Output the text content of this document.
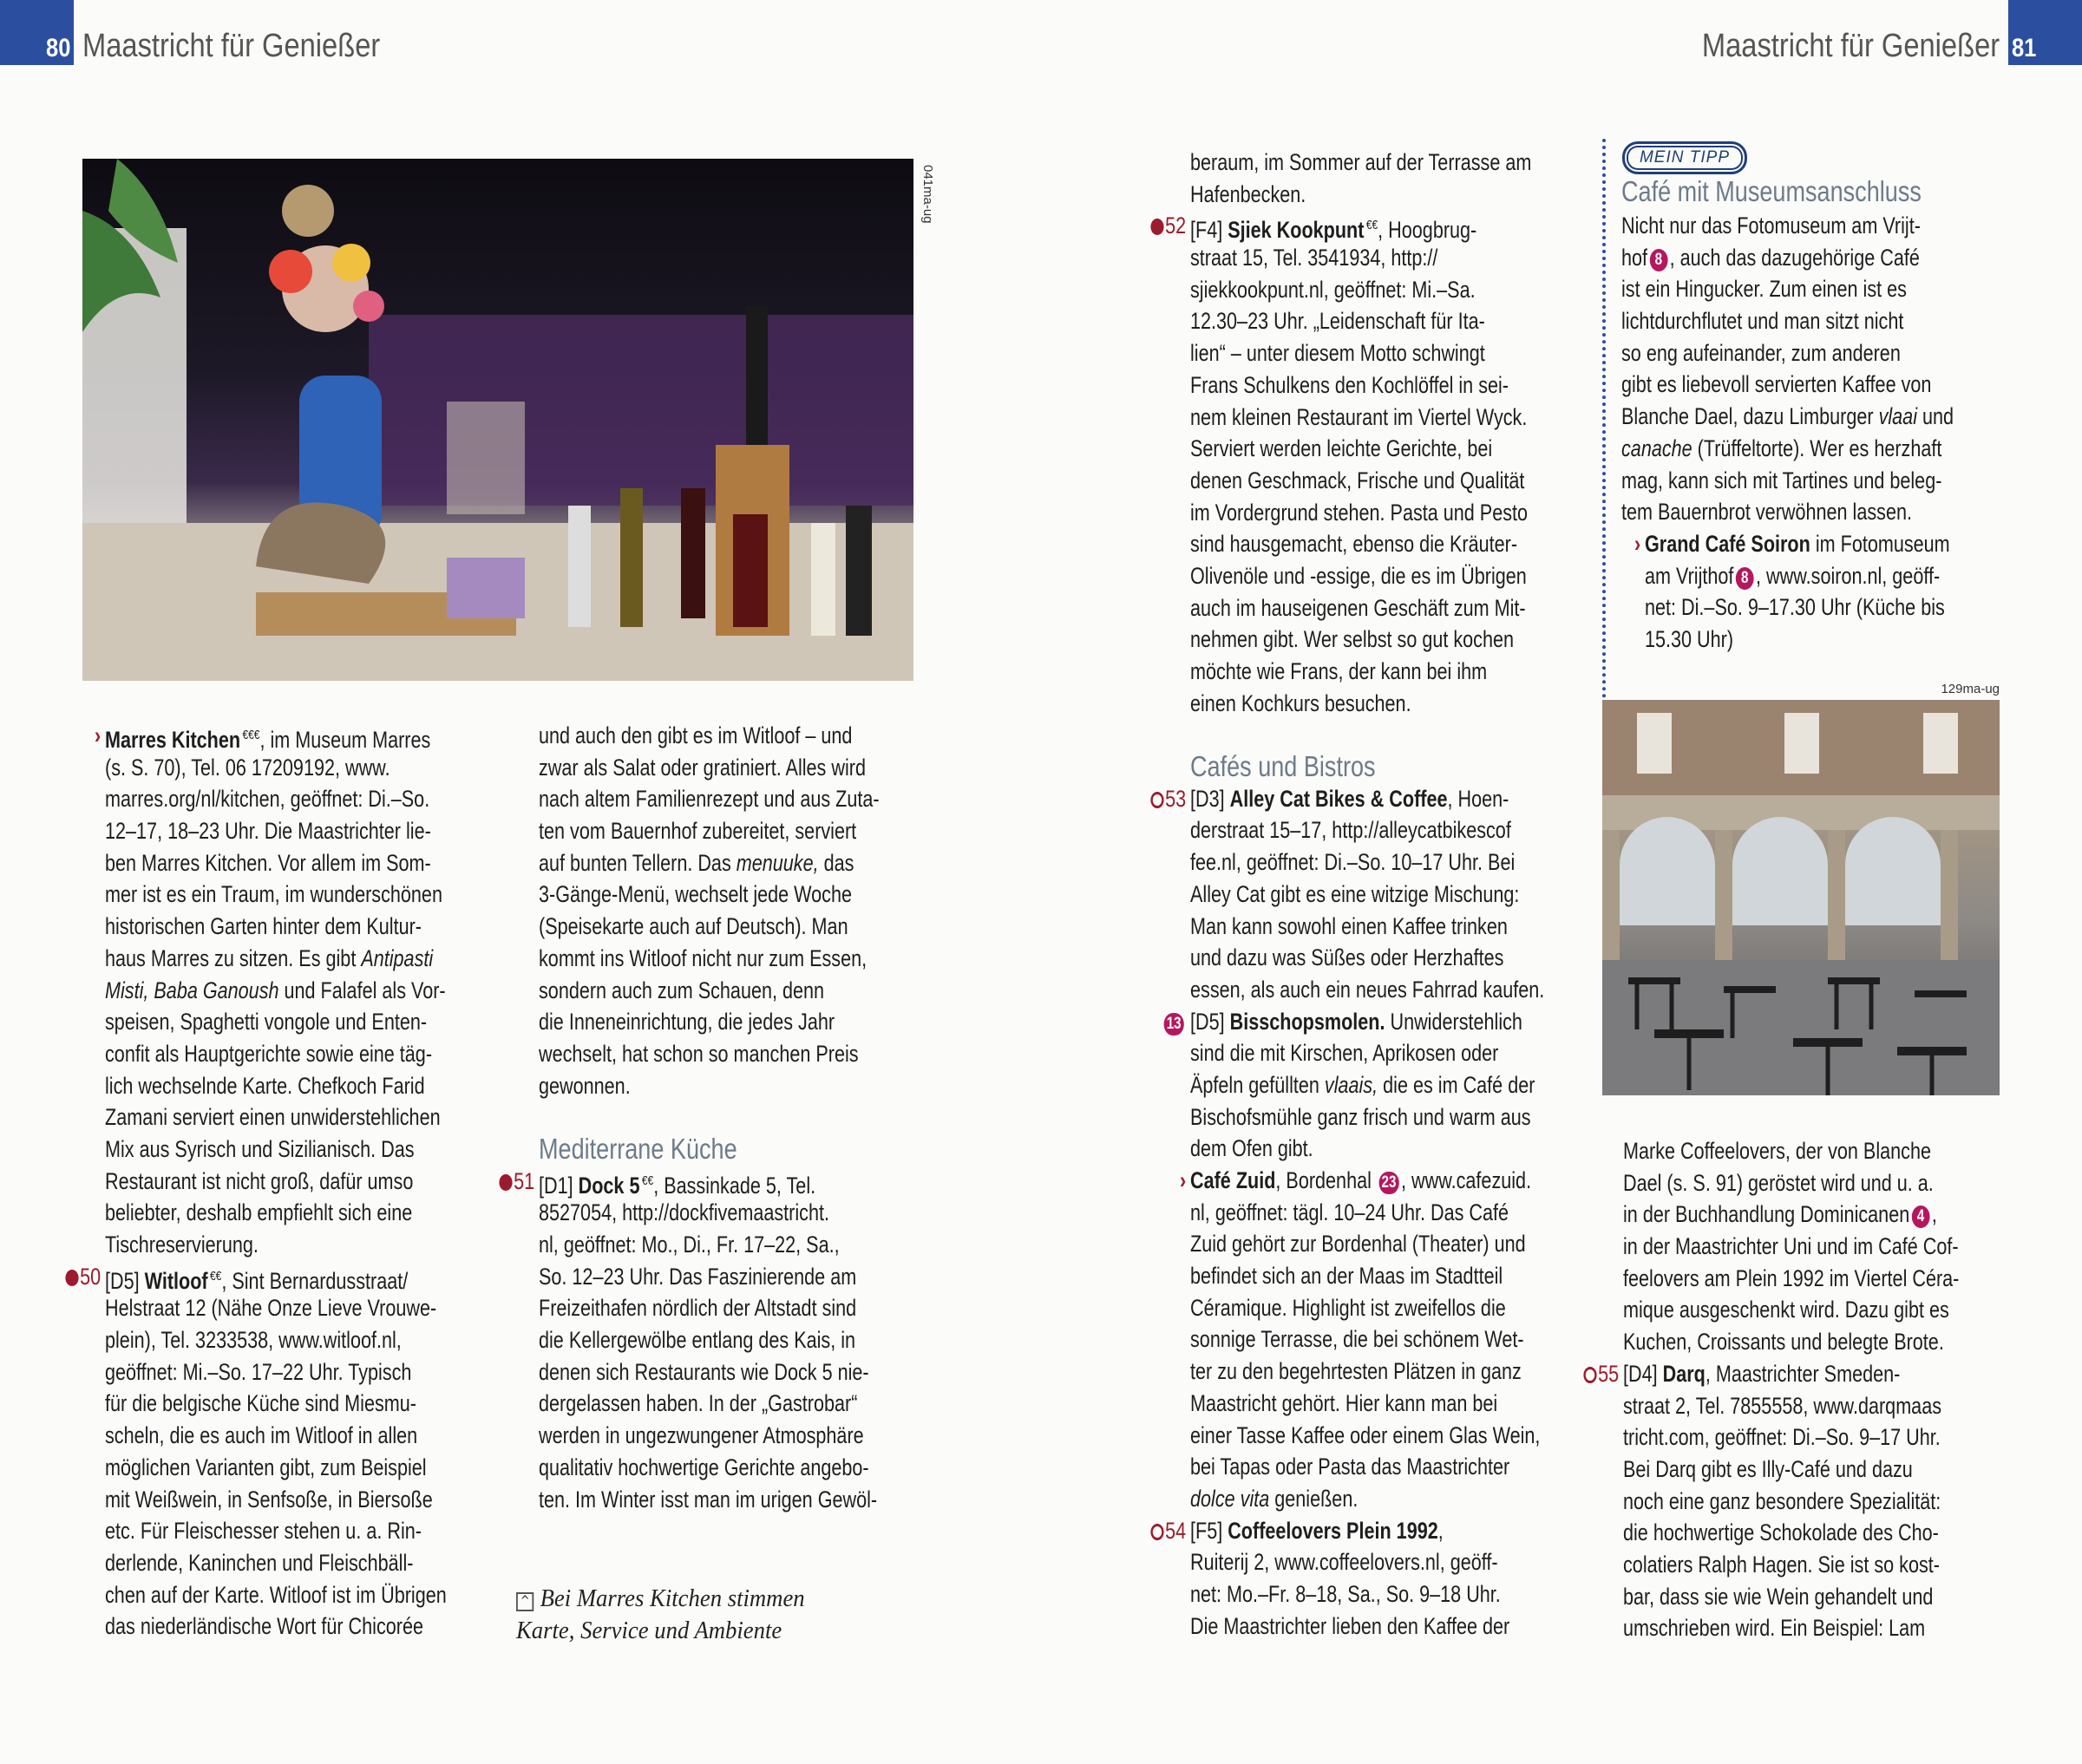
80 Maastricht für Genießer	Maastricht für Genießer 81
041ma-ug
^ Bei Marres Kitchen stimmen
Karte, Service und Ambiente
MEIN TIPP
Café mit Museumsanschluss
129ma-ug
› Marres Kitchen €€€, im Museum Marres
(s. S. 70), Tel. 06 17209192, www.
marres.org/nl/kitchen, geöffnet: Di.–So.
12–17, 18–23 Uhr. Die Maastrichter lie-
ben Marres Kitchen. Vor allem im Som-
mer ist es ein Traum, im wunderschönen
historischen Garten hinter dem Kultur-
haus Marres zu sitzen. Es gibt Antipasti
Misti, Baba Ganoush und Falafel als Vor-
speisen, Spaghetti vongole und Enten-
confit als Hauptgerichte sowie eine täg-
lich wechselnde Karte. Chefkoch Farid
Zamani serviert einen unwiderstehlichen
Mix aus Syrisch und Sizilianisch. Das
Restaurant ist nicht groß, dafür umso
beliebter, deshalb empfiehlt sich eine
Tischreservierung.
50 [D5] Witloof €€, Sint Bernardusstraat/
Helstraat 12 (Nähe Onze Lieve Vrouwe-
plein), Tel. 3233538, www.witloof.nl,
geöffnet: Mi.–So. 17–22 Uhr. Typisch
für die belgische Küche sind Miesmu-
scheln, die es auch im Witloof in allen
möglichen Varianten gibt, zum Beispiel
mit Weißwein, in Senfsoße, in Biersoße
etc. Für Fleischesser stehen u. a. Rin-
derlende, Kaninchen und Fleischbäll-
chen auf der Karte. Witloof ist im Übrigen
das niederländische Wort für Chicorée
und auch den gibt es im Witloof – und
zwar als Salat oder gratiniert. Alles wird
nach altem Familienrezept und aus Zuta-
ten vom Bauernhof zubereitet, serviert
auf bunten Tellern. Das menuuke, das
3-Gänge-Menü, wechselt jede Woche
(Speisekarte auch auf Deutsch). Man
kommt ins Witloof nicht nur zum Essen,
sondern auch zum Schauen, denn
die Inneneinrichtung, die jedes Jahr
wechselt, hat schon so manchen Preis
gewonnen.
Mediterrane Küche
51 [D1] Dock 5 €€, Bassinkade 5, Tel.
8527054, http://dockfivemaastricht.
nl, geöffnet: Mo., Di., Fr. 17–22, Sa.,
So. 12–23 Uhr. Das Faszinierende am
Freizeithafen nördlich der Altstadt sind
die Kellergewölbe entlang des Kais, in
denen sich Restaurants wie Dock 5 nie-
dergelassen haben. In der „Gastrobar“
werden in ungezwungener Atmosphäre
qualitativ hochwertige Gerichte angebo-
ten. Im Winter isst man im urigen Gewöl-
beraum, im Sommer auf der Terrasse am
Hafenbecken.
52 [F4] Sjiek Kookpunt €€, Hoogbrug-
straat 15, Tel. 3541934, http://
sjiekkookpunt.nl, geöffnet: Mi.–Sa.
12.30–23 Uhr. „Leidenschaft für Ita-
lien“ – unter diesem Motto schwingt
Frans Schulkens den Kochlöffel in sei-
nem kleinen Restaurant im Viertel Wyck.
Serviert werden leichte Gerichte, bei
denen Geschmack, Frische und Qualität
im Vordergrund stehen. Pasta und Pesto
sind hausgemacht, ebenso die Kräuter-
Olivenöle und -essige, die es im Übrigen
auch im hauseigenen Geschäft zum Mit-
nehmen gibt. Wer selbst so gut kochen
möchte wie Frans, der kann bei ihm
einen Kochkurs besuchen.
Cafés und Bistros
53 [D3] Alley Cat Bikes & Coffee, Hoen-
derstraat 15–17, http://alleycatbikescof
fee.nl, geöffnet: Di.–So. 10–17 Uhr. Bei
Alley Cat gibt es eine witzige Mischung:
Man kann sowohl einen Kaffee trinken
und dazu was Süßes oder Herzhaftes
essen, als auch ein neues Fahrrad kaufen.
13 [D5] Bisschopsmolen. Unwiderstehlich
sind die mit Kirschen, Aprikosen oder
Äpfeln gefüllten vlaais, die es im Café der
Bischofsmühle ganz frisch und warm aus
dem Ofen gibt.
› Café Zuid, Bordenhal 23 , www.cafezuid.
nl, geöffnet: tägl. 10–24 Uhr. Das Café
Zuid gehört zur Bordenhal (Theater) und
befindet sich an der Maas im Stadtteil
Céramique. Highlight ist zweifellos die
sonnige Terrasse, die bei schönem Wet-
ter zu den begehrtesten Plätzen in ganz
Maastricht gehört. Hier kann man bei
einer Tasse Kaffee oder einem Glas Wein,
bei Tapas oder Pasta das Maastrichter
dolce vita genießen.
54 [F5] Coffeelovers Plein 1992,
Ruiterij 2, www.coffeelovers.nl, geöff-
net: Mo.–Fr. 8–18, Sa., So. 9–18 Uhr.
Die Maastrichter lieben den Kaffee der
Nicht nur das Fotomuseum am Vrijt-
hof 8 , auch das dazugehörige Café
ist ein Hingucker. Zum einen ist es
lichtdurchflutet und man sitzt nicht
so eng aufeinander, zum anderen
gibt es liebevoll servierten Kaffee von
Blanche Dael, dazu Limburger vlaai und
canache (Trüffeltorte). Wer es herzhaft
mag, kann sich mit Tartines und beleg-
tem Bauernbrot verwöhnen lassen.
› Grand Café Soiron im Fotomuseum
am Vrijthof 8 , www.soiron.nl, geöff-
net: Di.–So. 9–17.30 Uhr (Küche bis
15.30 Uhr)
Marke Coffeelovers, der von Blanche
Dael (s. S. 91) geröstet wird und u. a.
in der Buchhandlung Dominicanen 4 ,
in der Maastrichter Uni und im Café Cof-
feelovers am Plein 1992 im Viertel Céra-
mique ausgeschenkt wird. Dazu gibt es
Kuchen, Croissants und belegte Brote.
55 [D4] Darq, Maastrichter Smeden-
straat 2, Tel. 7855558, www.darqmaas
tricht.com, geöffnet: Di.–So. 9–17 Uhr.
Bei Darq gibt es Illy-Café und dazu
noch eine ganz besondere Spezialität:
die hochwertige Schokolade des Cho-
colatiers Ralph Hagen. Sie ist so kost-
bar, dass sie wie Wein gehandelt und
umschrieben wird. Ein Beispiel: Lam
